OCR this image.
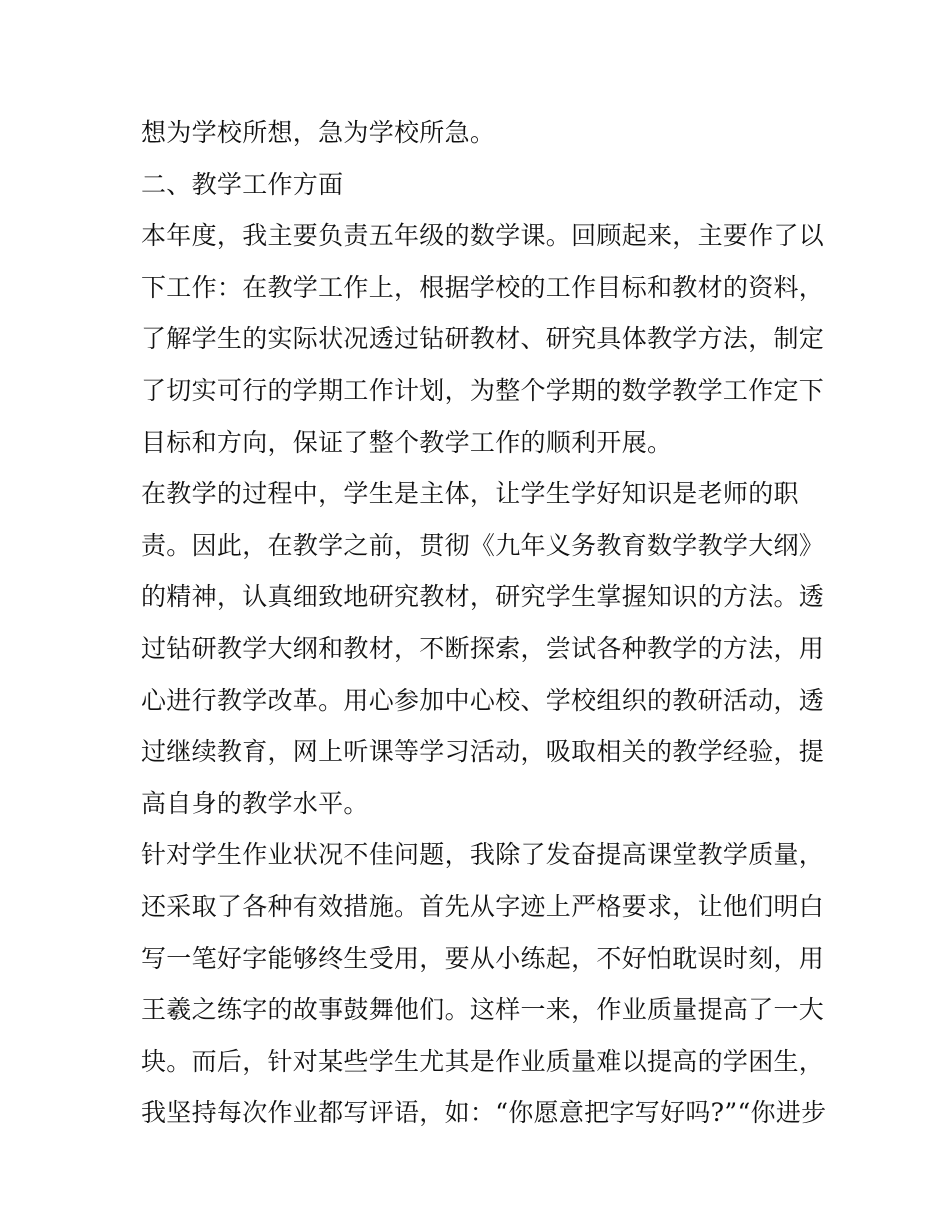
想为学校所想，急为学校所急。
二、教学工作方面
本年度，我主要负责五年级的数学课。回顾起来，主要作了以
下工作：在教学工作上，根据学校的工作目标和教材的资料，
了解学生的实际状况透过钻研教材、研究具体教学方法，制定
了切实可行的学期工作计划，为整个学期的数学教学工作定下
目标和方向，保证了整个教学工作的顺利开展。
在教学的过程中，学生是主体，让学生学好知识是老师的职
责。因此，在教学之前，贯彻《九年义务教育数学教学大纲》
的精神，认真细致地研究教材，研究学生掌握知识的方法。透
过钻研教学大纲和教材，不断探索，尝试各种教学的方法，用
心进行教学改革。用心参加中心校、学校组织的教研活动，透
过继续教育，网上听课等学习活动，吸取相关的教学经验，提
高自身的教学水平。
针对学生作业状况不佳问题，我除了发奋提高课堂教学质量，
还采取了各种有效措施。首先从字迹上严格要求，让他们明白
写一笔好字能够终生受用，要从小练起，不好怕耽误时刻，用
王羲之练字的故事鼓舞他们。这样一来，作业质量提高了一大
块。而后，针对某些学生尤其是作业质量难以提高的学困生，
我坚持每次作业都写评语，如：“你愿意把字写好吗?”“你进步
